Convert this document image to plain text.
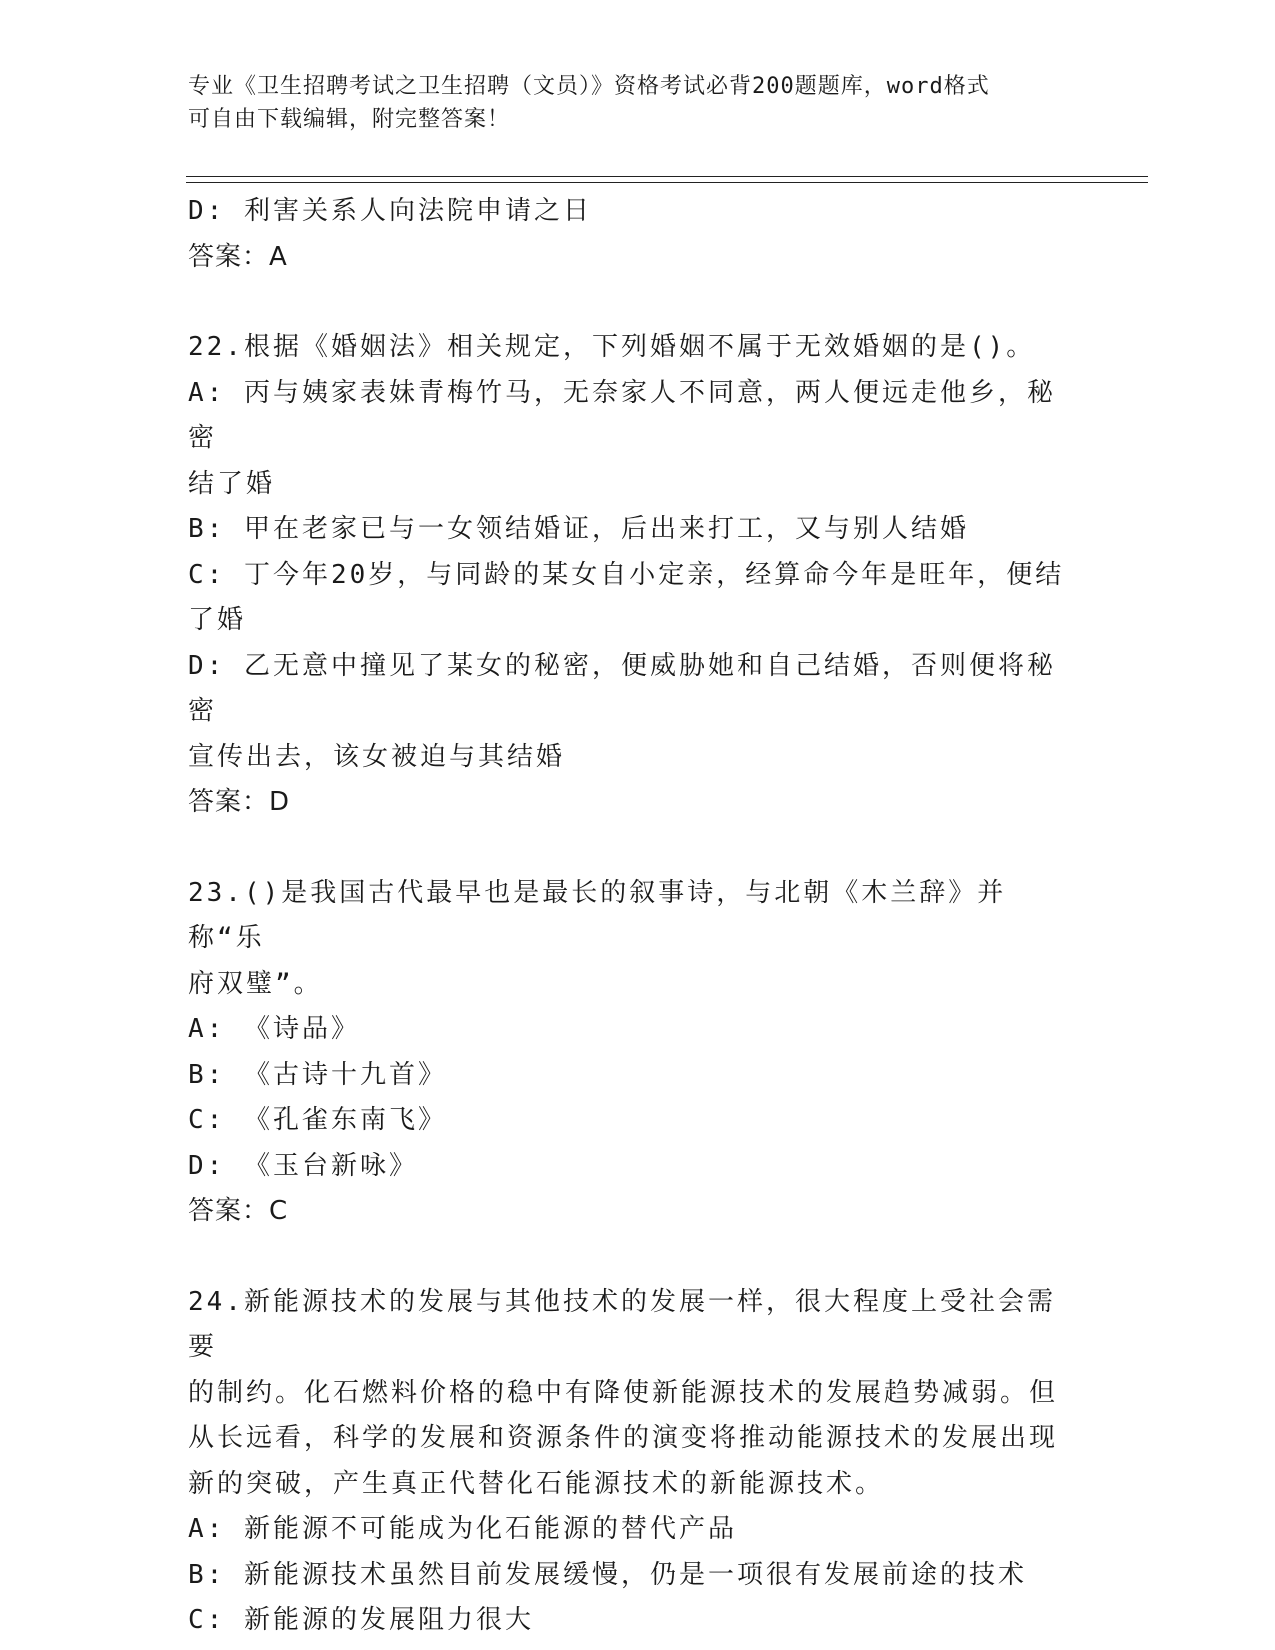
专业《卫生招聘考试之卫生招聘（文员）》资格考试必背200题题库，word格式
可自由下载编辑，附完整答案！
D: 利害关系人向法院申请之日
答案：A
22.根据《婚姻法》相关规定，下列婚姻不属于无效婚姻的是()。
A: 丙与姨家表妹青梅竹马，无奈家人不同意，两人便远走他乡，秘密
结了婚
B: 甲在老家已与一女领结婚证，后出来打工，又与别人结婚
C: 丁今年20岁，与同龄的某女自小定亲，经算命今年是旺年，便结
了婚
D: 乙无意中撞见了某女的秘密，便威胁她和自己结婚，否则便将秘密
宣传出去，该女被迫与其结婚
答案：D
23.()是我国古代最早也是最长的叙事诗，与北朝《木兰辞》并称“乐
府双璧”。
A: 《诗品》
B: 《古诗十九首》
C: 《孔雀东南飞》
D: 《玉台新咏》
答案：C
24.新能源技术的发展与其他技术的发展一样，很大程度上受社会需要
的制约。化石燃料价格的稳中有降使新能源技术的发展趋势减弱。但
从长远看，科学的发展和资源条件的演变将推动能源技术的发展出现
新的突破，产生真正代替化石能源技术的新能源技术。
A: 新能源不可能成为化石能源的替代产品
B: 新能源技术虽然目前发展缓慢，仍是一项很有发展前途的技术
C: 新能源的发展阻力很大
